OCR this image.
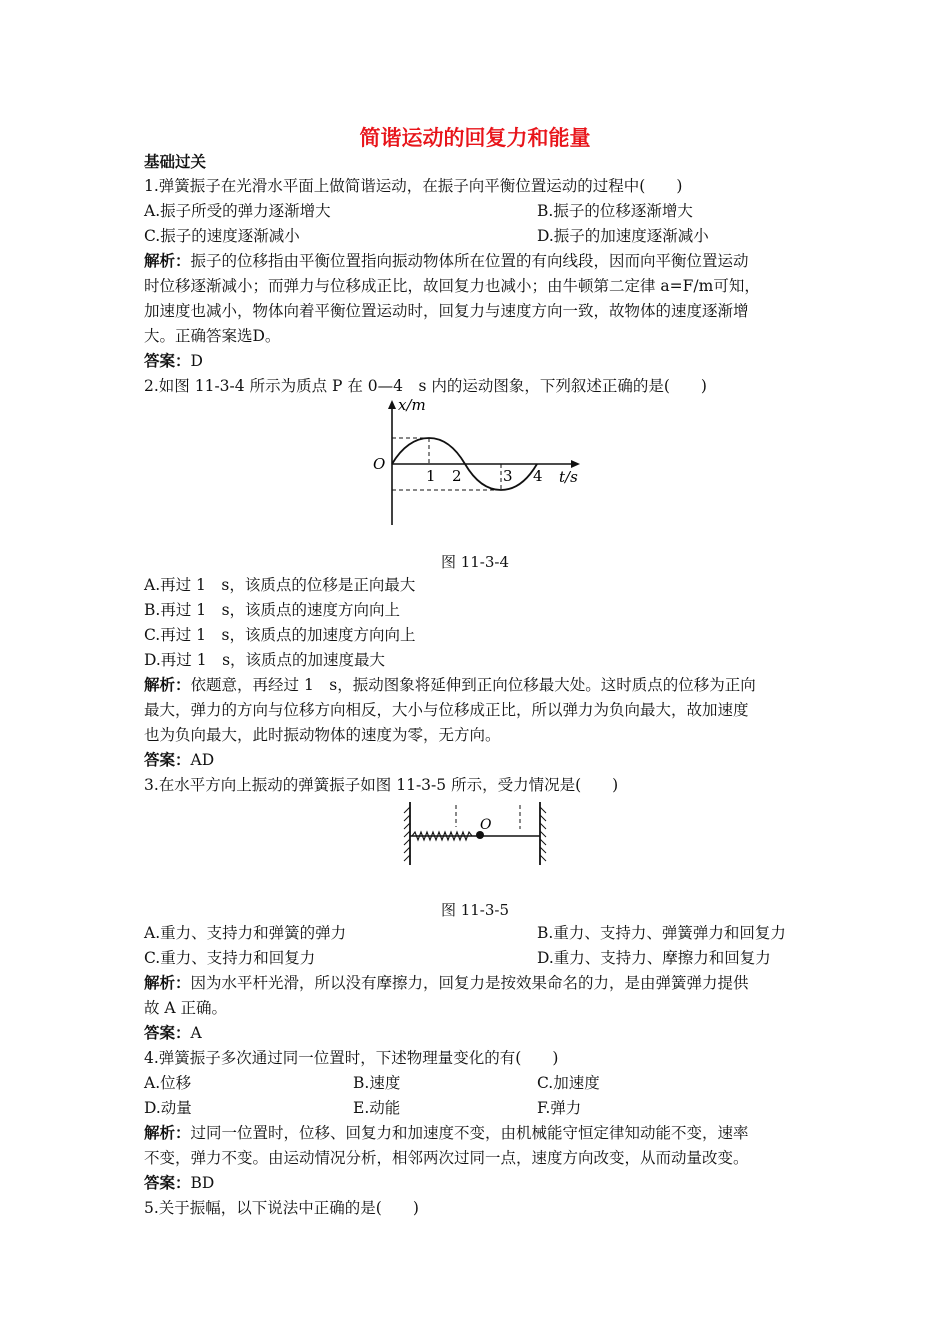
简谐运动的回复力和能量
基础过关
1.弹簧振子在光滑水平面上做简谐运动，在振子向平衡位置运动的过程中(　　)
A.振子所受的弹力逐渐增大	B.振子的位移逐渐增大
C.振子的速度逐渐减小	D.振子的加速度逐渐减小
解析：振子的位移指由平衡位置指向振动物体所在位置的有向线段，因而向平衡位置运动
时位移逐渐减小；而弹力与位移成正比，故回复力也减小；由牛顿第二定律 a=F/m可知，
加速度也减小，物体向着平衡位置运动时，回复力与速度方向一致，故物体的速度逐渐增
大。正确答案选D。
答案：D
2.如图 11-3-4 所示为质点 P 在 0—4　s 内的运动图象，下列叙述正确的是(　　)
x/m
t/s
O
1 2	3 4
图 11-3-4
A.再过 1　s，该质点的位移是正向最大
B.再过 1　s，该质点的速度方向向上
C.再过 1　s，该质点的加速度方向向上
D.再过 1　s，该质点的加速度最大
解析：依题意，再经过 1　s，振动图象将延伸到正向位移最大处。这时质点的位移为正向
最大，弹力的方向与位移方向相反，大小与位移成正比，所以弹力为负向最大，故加速度
也为负向最大，此时振动物体的速度为零，无方向。
答案：AD
3.在水平方向上振动的弹簧振子如图 11-3-5 所示，受力情况是(　　)
O
图 11-3-5
A.重力、支持力和弹簧的弹力	B.重力、支持力、弹簧弹力和回复力
C.重力、支持力和回复力	D.重力、支持力、摩擦力和回复力
解析：因为水平杆光滑，所以没有摩擦力，回复力是按效果命名的力，是由弹簧弹力提供
故 A 正确。
答案：A
4.弹簧振子多次通过同一位置时，下述物理量变化的有(　　)
A.位移	B.速度	C.加速度
D.动量	E.动能	F.弹力
解析：过同一位置时，位移、回复力和加速度不变，由机械能守恒定律知动能不变，速率
不变，弹力不变。由运动情况分析，相邻两次过同一点，速度方向改变，从而动量改变。
答案：BD
5.关于振幅，以下说法中正确的是(　　)
